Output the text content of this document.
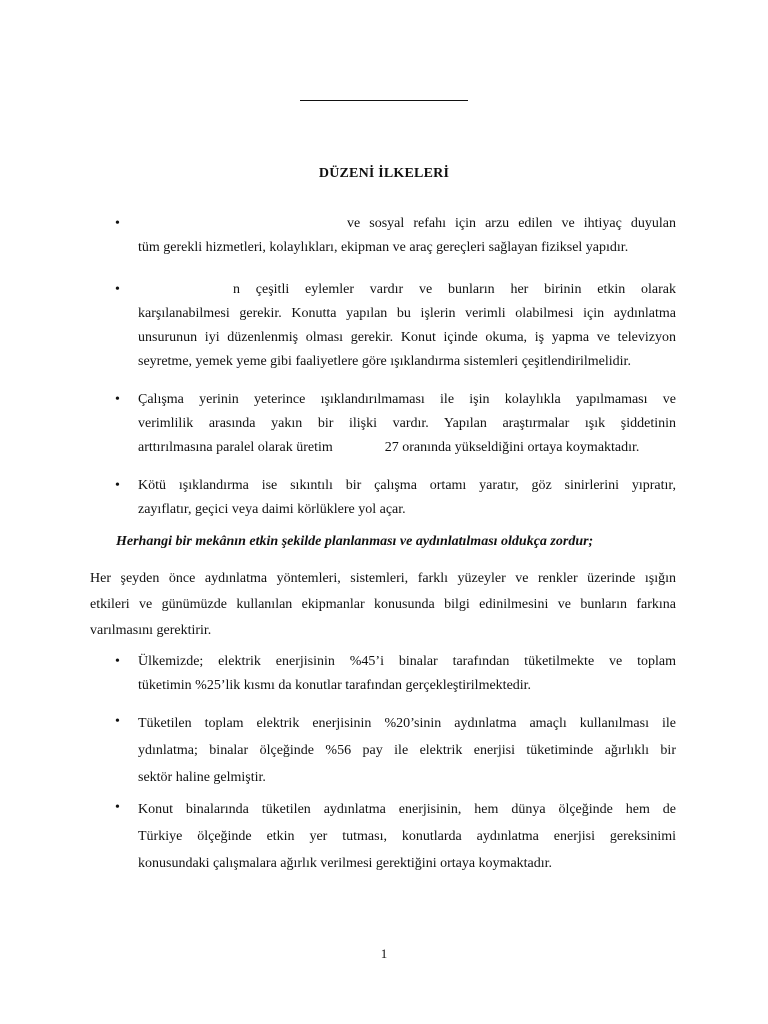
DÜZENİ İLKELERİ
•	ve sosyal refahı için arzu edilen ve ihtiyaç duyulan
tüm gerekli hizmetleri, kolaylıkları, ekipman ve araç gereçleri sağlayan fiziksel yapıdır.
•	n çeşitli eylemler vardır ve bunların her birinin etkin olarak
karşılanabilmesi gerekir. Konutta yapılan bu işlerin verimli olabilmesi için aydınlatma
unsurunun iyi düzenlenmiş olması gerekir. Konut içinde okuma, iş yapma ve televizyon
seyretme, yemek yeme gibi faaliyetlere göre ışıklandırma sistemleri çeşitlendirilmelidir.
• Çalışma yerinin yeterince ışıklandırılmaması ile işin kolaylıkla yapılmaması ve
verimlilik arasında yakın bir ilişki vardır. Yapılan araştırmalar ışık şiddetinin
arttırılmasına paralel olarak üretim	27 oranında yükseldiğini ortaya koymaktadır.
• Kötü ışıklandırma ise sıkıntılı bir çalışma ortamı yaratır, göz sinirlerini yıpratır,
zayıflatır, geçici veya daimi körlüklere yol açar.
Herhangi bir mekânın etkin şekilde planlanması ve aydınlatılması oldukça zordur;
Her şeyden önce aydınlatma yöntemleri, sistemleri, farklı yüzeyler ve renkler üzerinde ışığın
etkileri ve günümüzde kullanılan ekipmanlar konusunda bilgi edinilmesini ve bunların farkına
varılmasını gerektirir.
• Ülkemizde; elektrik enerjisinin %45’i binalar tarafından tüketilmekte ve toplam
tüketimin %25’lik kısmı da konutlar tarafından gerçekleştirilmektedir.
• Tüketilen toplam elektrik enerjisinin %20’sinin aydınlatma amaçlı kullanılması ile
ydınlatma; binalar ölçeğinde %56 pay ile elektrik enerjisi tüketiminde ağırlıklı bir
sektör haline gelmiştir.
• Konut binalarında tüketilen aydınlatma enerjisinin, hem dünya ölçeğinde hem de
Türkiye ölçeğinde etkin yer tutması, konutlarda aydınlatma enerjisi gereksinimi
konusundaki çalışmalara ağırlık verilmesi gerektiğini ortaya koymaktadır.
1
